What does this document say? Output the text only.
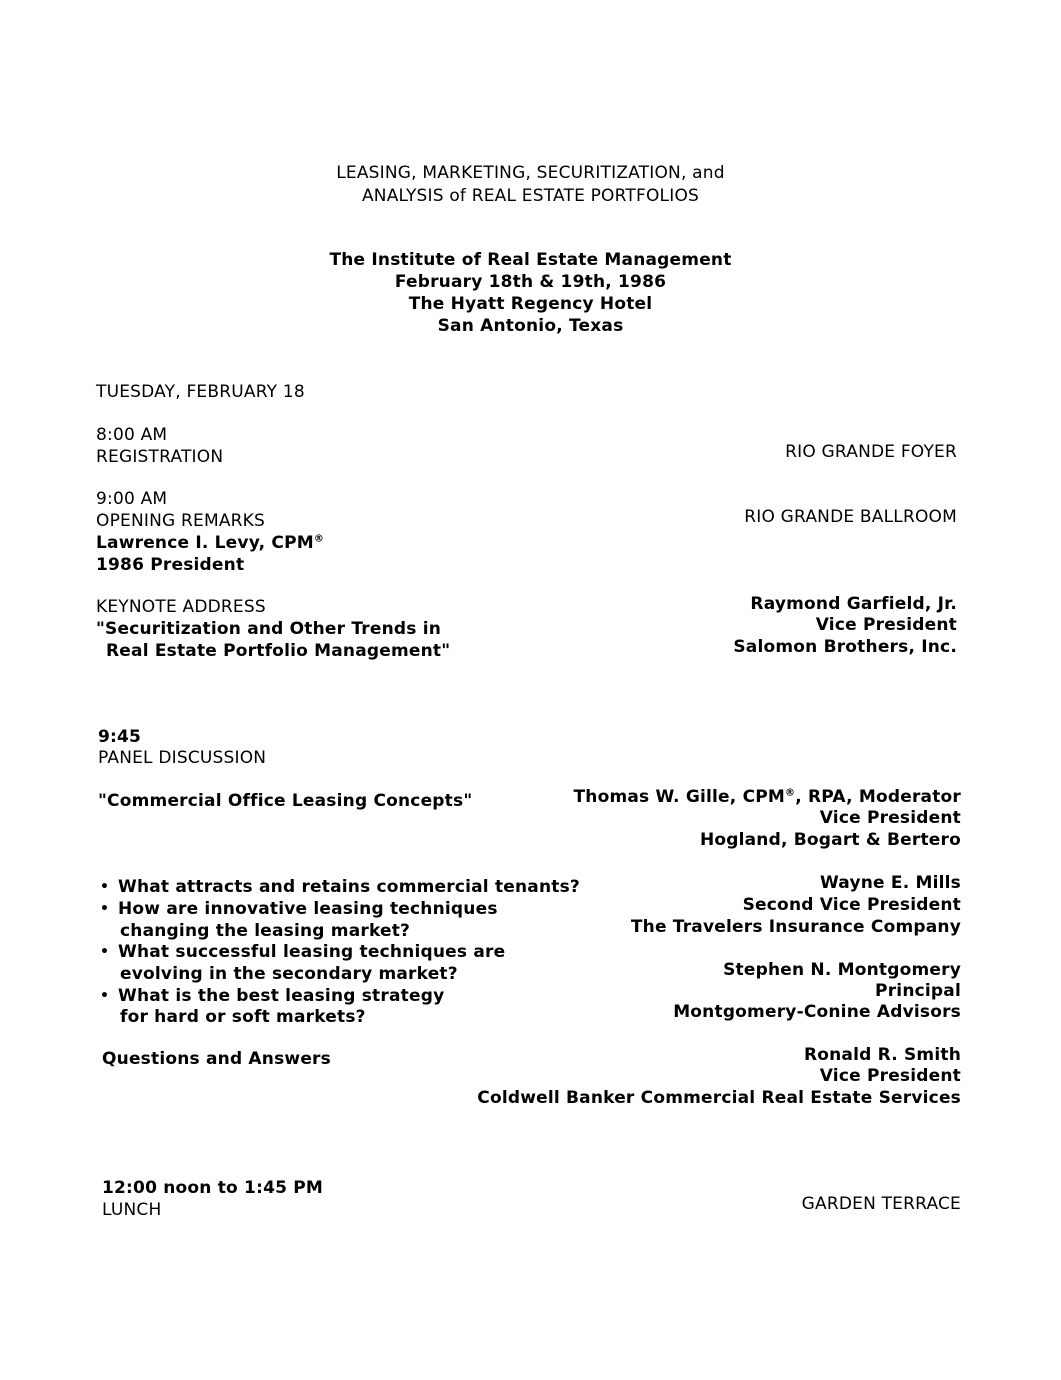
LEASING, MARKETING, SECURITIZATION, and
ANALYSIS of REAL ESTATE PORTFOLIOS
The Institute of Real Estate Management
February 18th & 19th, 1986
The Hyatt Regency Hotel
San Antonio, Texas
TUESDAY, FEBRUARY 18
8:00 AM
REGISTRATION	RIO GRANDE FOYER
9:00 AM
OPENING REMARKS
Lawrence I. Levy, CPM®
1986 President
RIO GRANDE BALLROOM
KEYNOTE ADDRESS
"Securitization and Other Trends in
Real Estate Portfolio Management"
Raymond Garfield, Jr.
Vice President
Salomon Brothers, Inc.
9:45
PANEL DISCUSSION
"Commercial Office Leasing Concepts"	Thomas W. Gille, CPM®, RPA, Moderator
Vice President
Hogland, Bogart & Bertero
• What attracts and retains commercial tenants?
• How are innovative leasing techniques
changing the leasing market?
• What successful leasing techniques are
evolving in the secondary market?
• What is the best leasing strategy
for hard or soft markets?
Questions and Answers
Wayne E. Mills
Second Vice President
The Travelers Insurance Company
Stephen N. Montgomery
Principal
Montgomery-Conine Advisors
Ronald R. Smith
Vice President
Coldwell Banker Commercial Real Estate Services
12:00 noon to 1:45 PM
LUNCH	GARDEN TERRACE
